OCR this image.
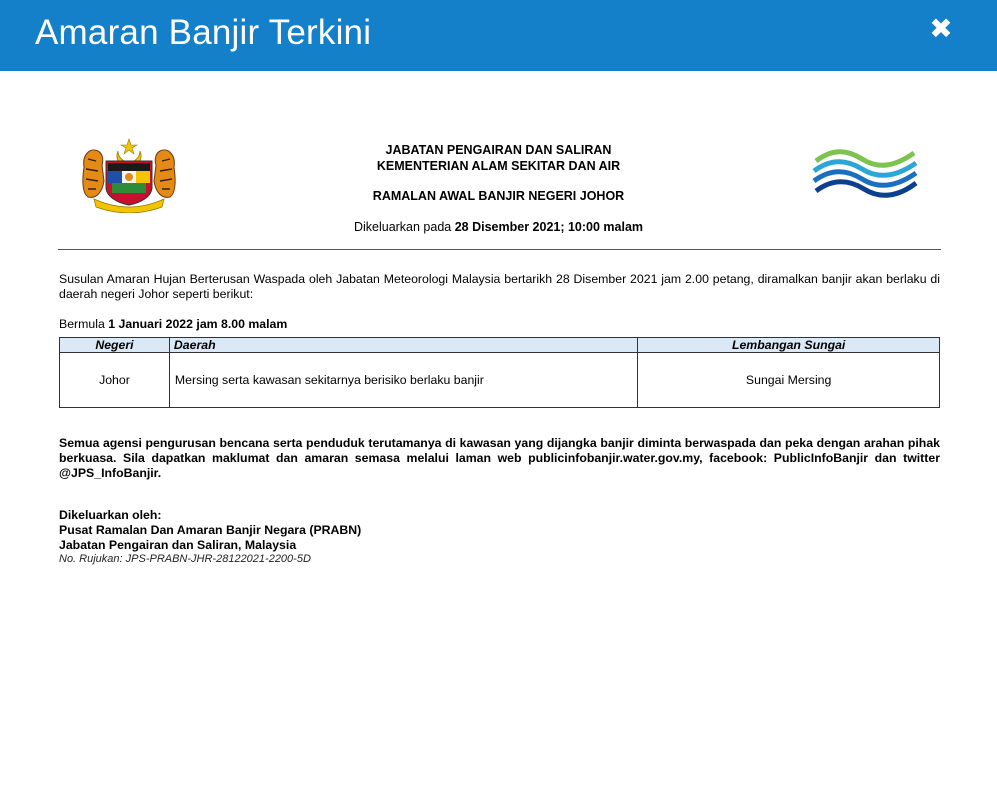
Amaran Banjir Terkini	✖
JABATAN PENGAIRAN DAN SALIRAN
KEMENTERIAN ALAM SEKITAR DAN AIR
RAMALAN AWAL BANJIR NEGERI JOHOR
Dikeluarkan pada 28 Disember 2021; 10:00 malam
Susulan Amaran Hujan Berterusan Waspada oleh Jabatan Meteorologi Malaysia bertarikh 28 Disember 2021 jam 2.00 petang, diramalkan banjir akan berlaku di daerah negeri Johor seperti berikut:
Bermula 1 Januari 2022 jam 8.00 malam
Negeri	Daerah	Lembangan Sungai
Johor	Mersing serta kawasan sekitarnya berisiko berlaku banjir	Sungai Mersing
Semua agensi pengurusan bencana serta penduduk terutamanya di kawasan yang dijangka banjir diminta berwaspada dan peka dengan arahan pihak berkuasa. Sila dapatkan maklumat dan amaran semasa melalui laman web publicinfobanjir.water.gov.my, facebook: PublicInfoBanjir dan twitter @JPS_InfoBanjir.
Dikeluarkan oleh:
Pusat Ramalan Dan Amaran Banjir Negara (PRABN)
Jabatan Pengairan dan Saliran, Malaysia
No. Rujukan: JPS-PRABN-JHR-28122021-2200-5D
